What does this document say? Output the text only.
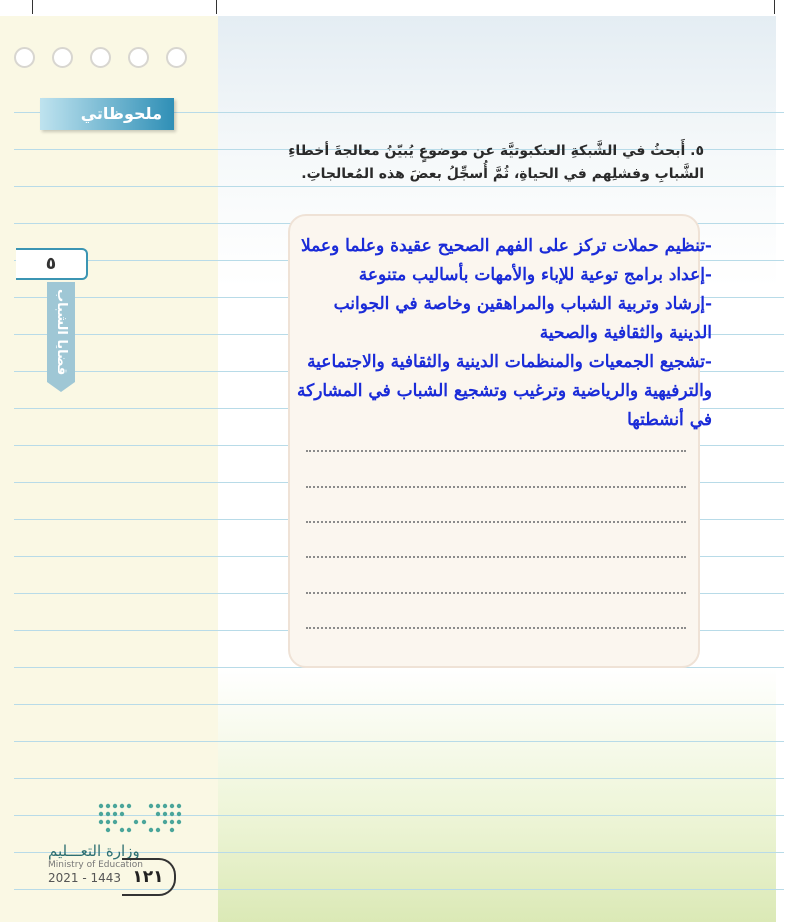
ملحوظاتي
٥
قضايا الشباب
وزارة التعـــليم
Ministry of Education
2021 - 1443 ١٢١
٥. أَبحثُ في الشَّبكةِ العنكبوتيَّة عن موضوعٍ يُبيّنُ معالجةَ أخطاءِ الشَّبابِ وفشلِهم في الحياةِ، ثُمَّ أُسجِّلُ بعضَ هذه المُعالجاتِ.
-تنظيم حملات تركز على الفهم الصحيح عقيدة وعلما وعملا
-إعداد برامج توعية للإباء والأمهات بأساليب متنوعة
-إرشاد وتربية الشباب والمراهقين وخاصة في الجوانب
الدينية والثقافية والصحية
-تشجيع الجمعيات والمنظمات الدينية والثقافية والاجتماعية
والترفيهية والرياضية وترغيب وتشجيع الشباب في المشاركة
في أنشطتها
